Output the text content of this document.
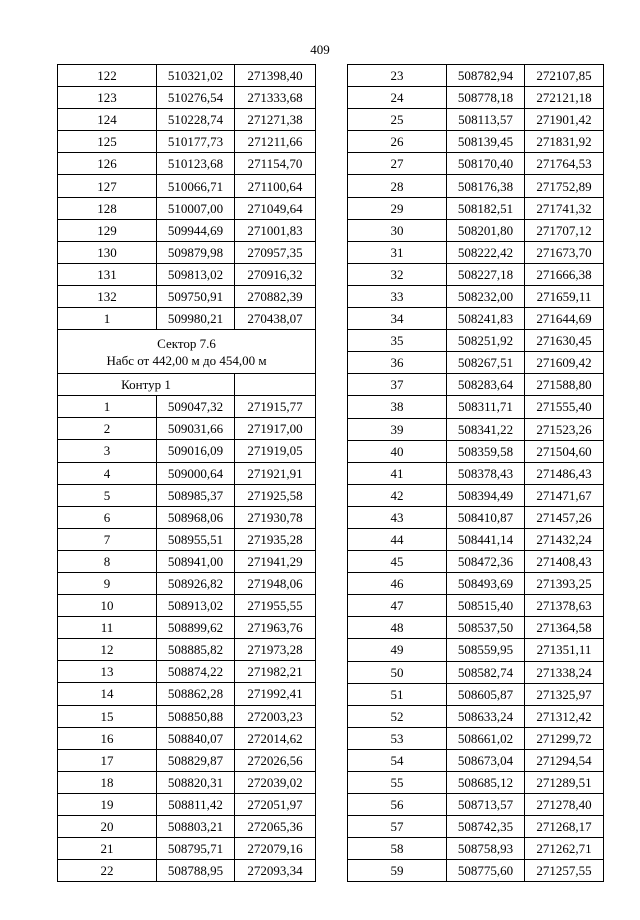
409
122	510321,02	271398,40
123	510276,54	271333,68
124	510228,74	271271,38
125	510177,73	271211,66
126	510123,68	271154,70
127	510066,71	271100,64
128	510007,00	271049,64
129	509944,69	271001,83
130	509879,98	270957,35
131	509813,02	270916,32
132	509750,91	270882,39
1	509980,21	270438,07

Сектор 7.6
Набс от 442,00 м до 454,00 м		

Контур 1		
1	509047,32	271915,77
2	509031,66	271917,00
3	509016,09	271919,05
4	509000,64	271921,91
5	508985,37	271925,58
6	508968,06	271930,78
7	508955,51	271935,28
8	508941,00	271941,29
9	508926,82	271948,06
10	508913,02	271955,55
11	508899,62	271963,76
12	508885,82	271973,28
13	508874,22	271982,21
14	508862,28	271992,41
15	508850,88	272003,23
16	508840,07	272014,62
17	508829,87	272026,56
18	508820,31	272039,02
19	508811,42	272051,97
20	508803,21	272065,36
21	508795,71	272079,16
22	508788,95	272093,34
23	508782,94	272107,85
24	508778,18	272121,18
25	508113,57	271901,42
26	508139,45	271831,92
27	508170,40	271764,53
28	508176,38	271752,89
29	508182,51	271741,32
30	508201,80	271707,12
31	508222,42	271673,70
32	508227,18	271666,38
33	508232,00	271659,11
34	508241,83	271644,69
35	508251,92	271630,45
36	508267,51	271609,42
37	508283,64	271588,80
38	508311,71	271555,40
39	508341,22	271523,26
40	508359,58	271504,60
41	508378,43	271486,43
42	508394,49	271471,67
43	508410,87	271457,26
44	508441,14	271432,24
45	508472,36	271408,43
46	508493,69	271393,25
47	508515,40	271378,63
48	508537,50	271364,58
49	508559,95	271351,11
50	508582,74	271338,24
51	508605,87	271325,97
52	508633,24	271312,42
53	508661,02	271299,72
54	508673,04	271294,54
55	508685,12	271289,51
56	508713,57	271278,40
57	508742,35	271268,17
58	508758,93	271262,71
59	508775,60	271257,55
